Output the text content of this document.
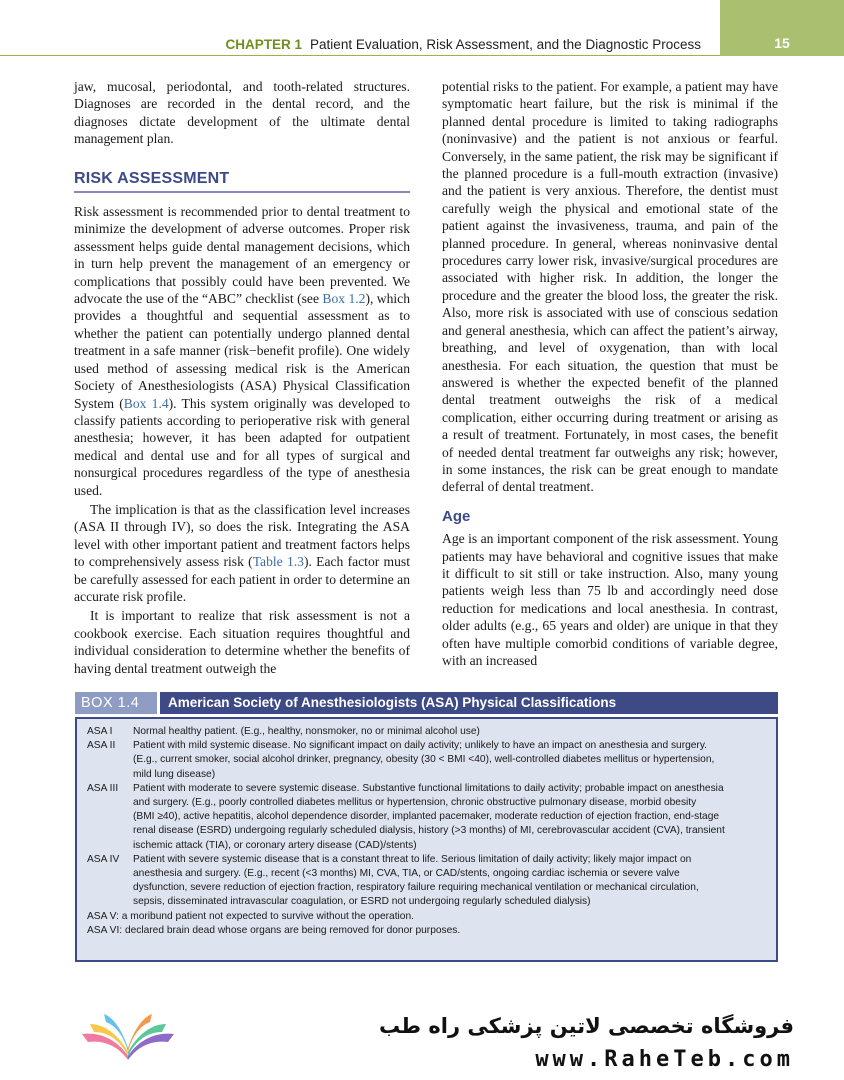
CHAPTER 1 Patient Evaluation, Risk Assessment, and the Diagnostic Process	15

jaw, mucosal, periodontal, and tooth-related structures. Diagnoses are recorded in the dental record, and the diagnoses dictate development of the ultimate dental management plan.

RISK ASSESSMENT

Risk assessment is recommended prior to dental treatment to minimize the development of adverse outcomes. Proper risk assessment helps guide dental management decisions, which in turn help prevent the management of an emergency or complications that possibly could have been prevented. We advocate the use of the “ABC” checklist (see Box 1.2), which provides a thoughtful and sequential assessment as to whether the patient can potentially undergo planned dental treatment in a safe manner (risk−benefit profile). One widely used method of assessing medical risk is the American Society of Anesthesiologists (ASA) Physical Classification System (Box 1.4). This system originally was developed to classify patients according to perioperative risk with general anesthesia; however, it has been adapted for outpatient medical and dental use and for all types of surgical and nonsurgical procedures regardless of the type of anesthesia used.

The implication is that as the classification level increases (ASA II through IV), so does the risk. Integrating the ASA level with other important patient and treatment factors helps to comprehensively assess risk (Table 1.3). Each factor must be carefully assessed for each patient in order to determine an accurate risk profile.

It is important to realize that risk assessment is not a cookbook exercise. Each situation requires thoughtful and individual consideration to determine whether the benefits of having dental treatment outweigh the

potential risks to the patient. For example, a patient may have symptomatic heart failure, but the risk is minimal if the planned dental procedure is limited to taking radiographs (noninvasive) and the patient is not anxious or fearful. Conversely, in the same patient, the risk may be significant if the planned procedure is a full-mouth extraction (invasive) and the patient is very anxious. Therefore, the dentist must carefully weigh the physical and emotional state of the patient against the invasiveness, trauma, and pain of the planned procedure. In general, whereas noninvasive dental procedures carry lower risk, invasive/surgical procedures are associated with higher risk. In addition, the longer the procedure and the greater the blood loss, the greater the risk. Also, more risk is associated with use of conscious sedation and general anesthesia, which can affect the patient’s airway, breathing, and level of oxygenation, than with local anesthesia. For each situation, the question that must be answered is whether the expected benefit of the planned dental treatment outweighs the risk of a medical complication, either occurring during treatment or arising as a result of treatment. Fortunately, in most cases, the benefit of needed dental treatment far outweighs any risk; however, in some instances, the risk can be great enough to mandate deferral of dental treatment.

Age

Age is an important component of the risk assessment. Young patients may have behavioral and cognitive issues that make it difficult to sit still or take instruction. Also, many young patients weigh less than 75 lb and accordingly need dose reduction for medications and local anesthesia. In contrast, older adults (e.g., 65 years and older) are unique in that they often have multiple comorbid conditions of variable degree, with an increased

BOX 1.4	American Society of Anesthesiologists (ASA) Physical Classifications
ASA I	Normal healthy patient. (E.g., healthy, nonsmoker, no or minimal alcohol use)
ASA II	Patient with mild systemic disease. No significant impact on daily activity; unlikely to have an impact on anesthesia and surgery.
(E.g., current smoker, social alcohol drinker, pregnancy, obesity (30 < BMI <40), well-controlled diabetes mellitus or hypertension,
mild lung disease)
ASA III	Patient with moderate to severe systemic disease. Substantive functional limitations to daily activity; probable impact on anesthesia
and surgery. (E.g., poorly controlled diabetes mellitus or hypertension, chronic obstructive pulmonary disease, morbid obesity
(BMI ≥40), active hepatitis, alcohol dependence disorder, implanted pacemaker, moderate reduction of ejection fraction, end-stage
renal disease (ESRD) undergoing regularly scheduled dialysis, history (>3 months) of MI, cerebrovascular accident (CVA), transient
ischemic attack (TIA), or coronary artery disease (CAD)/stents)
ASA IV	Patient with severe systemic disease that is a constant threat to life. Serious limitation of daily activity; likely major impact on
anesthesia and surgery. (E.g., recent (<3 months) MI, CVA, TIA, or CAD/stents, ongoing cardiac ischemia or severe valve
dysfunction, severe reduction of ejection fraction, respiratory failure requiring mechanical ventilation or mechanical circulation,
sepsis, disseminated intravascular coagulation, or ESRD not undergoing regularly scheduled dialysis)
ASA V: a moribund patient not expected to survive without the operation.
ASA VI: declared brain dead whose organs are being removed for donor purposes.
فروشگاه تخصصی لاتین پزشکی راه طب
www.RaheTeb.com
